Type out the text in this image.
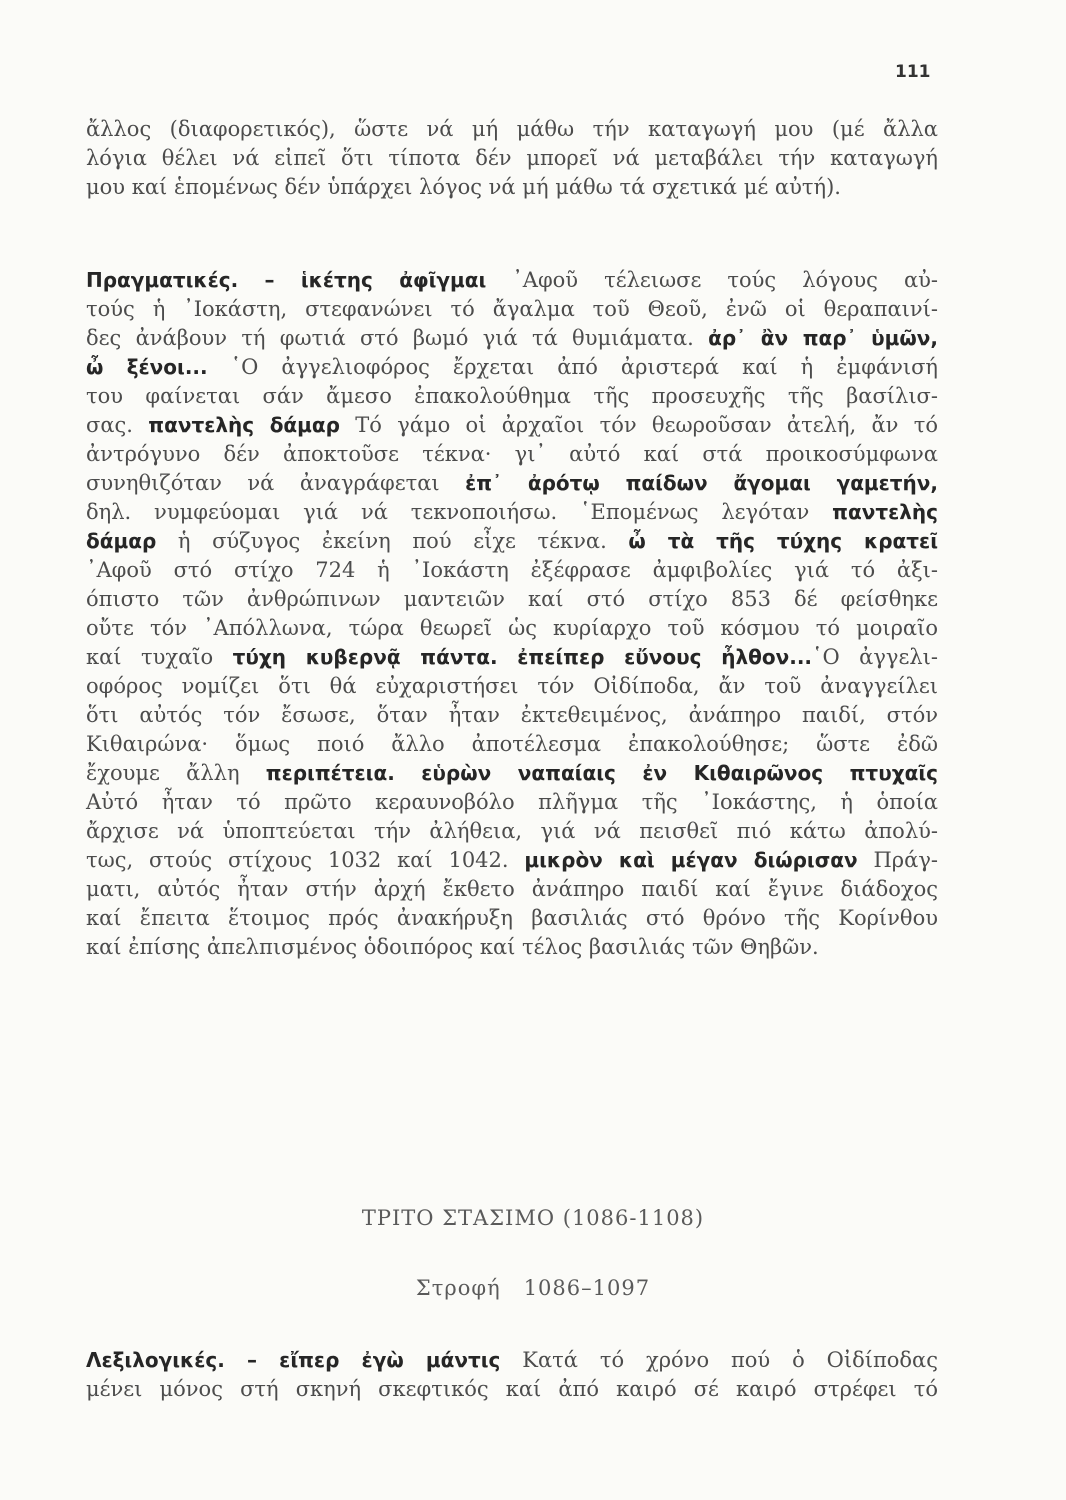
111
ἄλλος (διαφορετικός), ὥστε νά μή μάθω τήν καταγωγή μου (μέ ἄλλα
λόγια θέλει νά εἰπεῖ ὅτι τίποτα δέν μπορεῖ νά μεταβάλει τήν καταγωγή
μου καί ἑπομένως δέν ὑπάρχει λόγος νά μή μάθω τά σχετικά μέ αὐτή).
Πραγματικές. – ἱκέτης ἀφῖγμαι ᾽Αφοῦ τέλειωσε τούς λόγους αὐ-
τούς ἡ ᾽Ιοκάστη, στεφανώνει τό ἄγαλμα τοῦ Θεοῦ, ἐνῶ οἱ θεραπαινί-
δες ἀνάβουν τή φωτιά στό βωμό γιά τά θυμιάματα. ἀρ᾽ ἂν παρ᾽ ὑμῶν,
ὦ ξένοι... ῾Ο ἀγγελιοφόρος ἔρχεται ἀπό ἀριστερά καί ἡ ἐμφάνισή
του φαίνεται σάν ἄμεσο ἐπακολούθημα τῆς προσευχῆς τῆς βασίλισ-
σας. παντελὴς δάμαρ Τό γάμο οἱ ἀρχαῖοι τόν θεωροῦσαν ἀτελή, ἄν τό
ἀντρόγυνο δέν ἀποκτοῦσε τέκνα· γι᾽ αὐτό καί στά προικοσύμφωνα
συνηθιζόταν νά ἀναγράφεται ἐπ᾽ ἀρότῳ παίδων ἄγομαι γαμετήν,
δηλ. νυμφεύομαι γιά νά τεκνοποιήσω. ῾Επομένως λεγόταν παντελὴς
δάμαρ ἡ σύζυγος ἐκείνη πού εἶχε τέκνα. ὦ τὰ τῆς τύχης κρατεῖ
᾽Αφοῦ στό στίχο 724 ἡ ᾽Ιοκάστη ἐξέφρασε ἀμφιβολίες γιά τό ἀξι-
όπιστο τῶν ἀνθρώπινων μαντειῶν καί στό στίχο 853 δέ φείσθηκε
οὔτε τόν ᾽Απόλλωνα, τώρα θεωρεῖ ὡς κυρίαρχο τοῦ κόσμου τό μοιραῖο
καί τυχαῖο τύχη κυβερνᾷ πάντα. ἐπείπερ εὔνους ἦλθον...῾Ο ἀγγελι-
οφόρος νομίζει ὅτι θά εὐχαριστήσει τόν Οἰδίποδα, ἄν τοῦ ἀναγγείλει
ὅτι αὐτός τόν ἔσωσε, ὅταν ἦταν ἐκτεθειμένος, ἀνάπηρο παιδί, στόν
Κιθαιρώνα· ὅμως ποιό ἄλλο ἀποτέλεσμα ἐπακολούθησε; ὥστε ἐδῶ
ἔχουμε ἄλλη περιπέτεια. εὑρὼν ναπαίαις ἐν Κιθαιρῶνος πτυχαῖς
Αὐτό ἦταν τό πρῶτο κεραυνοβόλο πλῆγμα τῆς ᾽Ιοκάστης, ἡ ὁποία
ἄρχισε νά ὑποπτεύεται τήν ἀλήθεια, γιά νά πεισθεῖ πιό κάτω ἀπολύ-
τως, στούς στίχους 1032 καί 1042. μικρὸν καὶ μέγαν διώρισαν Πράγ-
ματι, αὐτός ἦταν στήν ἀρχή ἔκθετο ἀνάπηρο παιδί καί ἔγινε διάδοχος
καί ἔπειτα ἕτοιμος πρός ἀνακήρυξη βασιλιάς στό θρόνο τῆς Κορίνθου
καί ἐπίσης ἀπελπισμένος ὁδοιπόρος καί τέλος βασιλιάς τῶν Θηβῶν.
ΤΡΙΤΟ ΣΤΑΣΙΜΟ (1086-1108)
Στροφή   1086–1097
Λεξιλογικές. – εἴπερ ἐγὼ μάντις Κατά τό χρόνο πού ὁ Οἰδίποδας
μένει μόνος στή σκηνή σκεφτικός καί ἀπό καιρό σέ καιρό στρέφει τό
